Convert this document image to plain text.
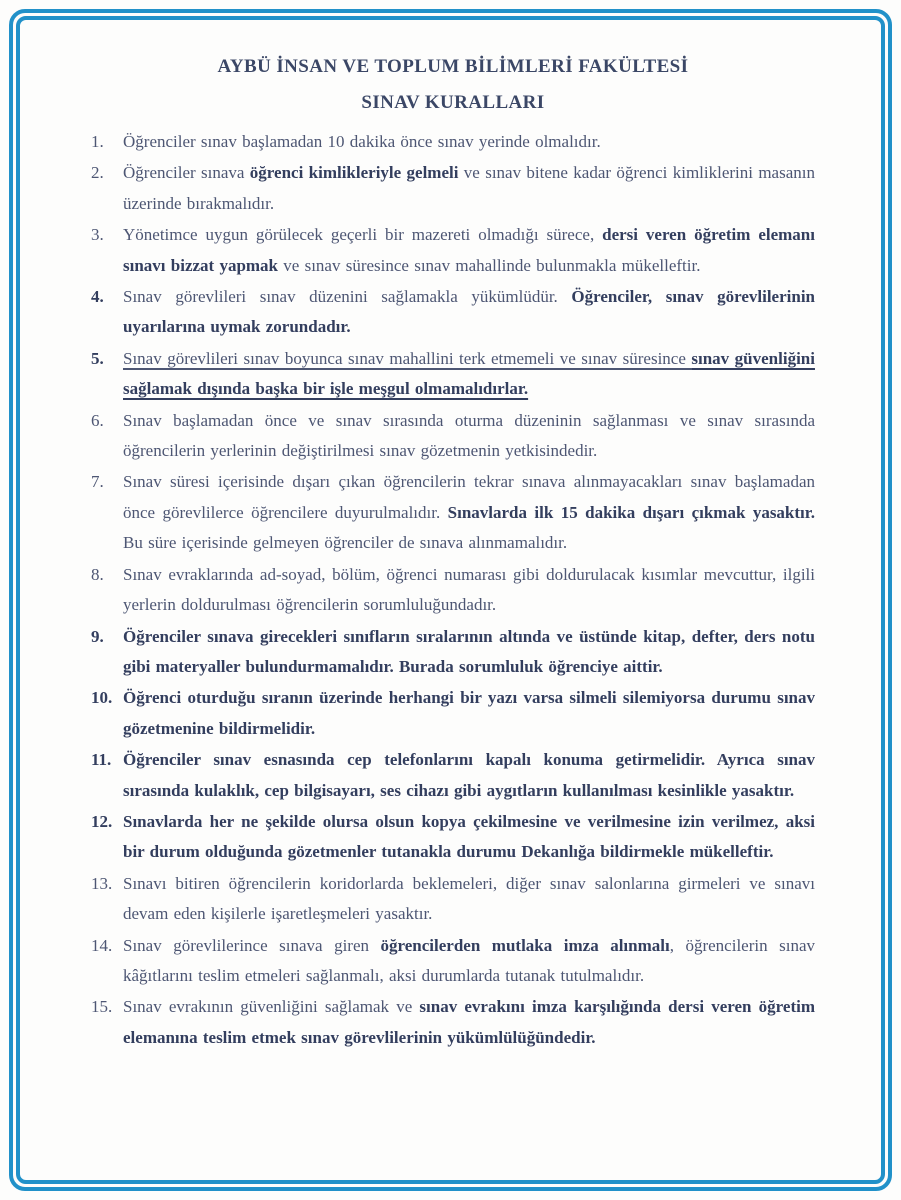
AYBÜ İNSAN VE TOPLUM BİLİMLERİ FAKÜLTESİ
SINAV KURALLARI
1. Öğrenciler sınav başlamadan 10 dakika önce sınav yerinde olmalıdır.
2. Öğrenciler sınava öğrenci kimlikleriyle gelmeli ve sınav bitene kadar öğrenci kimliklerini masanın üzerinde bırakmalıdır.
3. Yönetimce uygun görülecek geçerli bir mazereti olmadığı sürece, dersi veren öğretim elemanı sınavı bizzat yapmak ve sınav süresince sınav mahallinde bulunmakla mükelleftir.
4. Sınav görevlileri sınav düzenini sağlamakla yükümlüdür. Öğrenciler, sınav görevlilerinin uyarılarına uymak zorundadır.
5. Sınav görevlileri sınav boyunca sınav mahallini terk etmemeli ve sınav süresince sınav güvenliğini sağlamak dışında başka bir işle meşgul olmamalıdırlar.
6. Sınav başlamadan önce ve sınav sırasında oturma düzeninin sağlanması ve sınav sırasında öğrencilerin yerlerinin değiştirilmesi sınav gözetmenin yetkisindedir.
7. Sınav süresi içerisinde dışarı çıkan öğrencilerin tekrar sınava alınmayacakları sınav başlamadan önce görevlilerce öğrencilere duyurulmalıdır. Sınavlarda ilk 15 dakika dışarı çıkmak yasaktır. Bu süre içerisinde gelmeyen öğrenciler de sınava alınmamalıdır.
8. Sınav evraklarında ad-soyad, bölüm, öğrenci numarası gibi doldurulacak kısımlar mevcuttur, ilgili yerlerin doldurulması öğrencilerin sorumluluğundadır.
9. Öğrenciler sınava girecekleri sınıfların sıralarının altında ve üstünde kitap, defter, ders notu gibi materyaller bulundurmamalıdır. Burada sorumluluk öğrenciye aittir.
10. Öğrenci oturduğu sıranın üzerinde herhangi bir yazı varsa silmeli silemiyorsa durumu sınav gözetmenine bildirmelidir.
11. Öğrenciler sınav esnasında cep telefonlarını kapalı konuma getirmelidir. Ayrıca sınav sırasında kulaklık, cep bilgisayarı, ses cihazı gibi aygıtların kullanılması kesinlikle yasaktır.
12. Sınavlarda her ne şekilde olursa olsun kopya çekilmesine ve verilmesine izin verilmez, aksi bir durum olduğunda gözetmenler tutanakla durumu Dekanlığa bildirmekle mükelleftir.
13. Sınavı bitiren öğrencilerin koridorlarda beklemeleri, diğer sınav salonlarına girmeleri ve sınavı devam eden kişilerle işaretleşmeleri yasaktır.
14. Sınav görevlilerince sınava giren öğrencilerden mutlaka imza alınmalı, öğrencilerin sınav kâğıtlarını teslim etmeleri sağlanmalı, aksi durumlarda tutanak tutulmalıdır.
15. Sınav evrakının güvenliğini sağlamak ve sınav evrakını imza karşılığında dersi veren öğretim elemanına teslim etmek sınav görevlilerinin yükümlülüğündedir.
